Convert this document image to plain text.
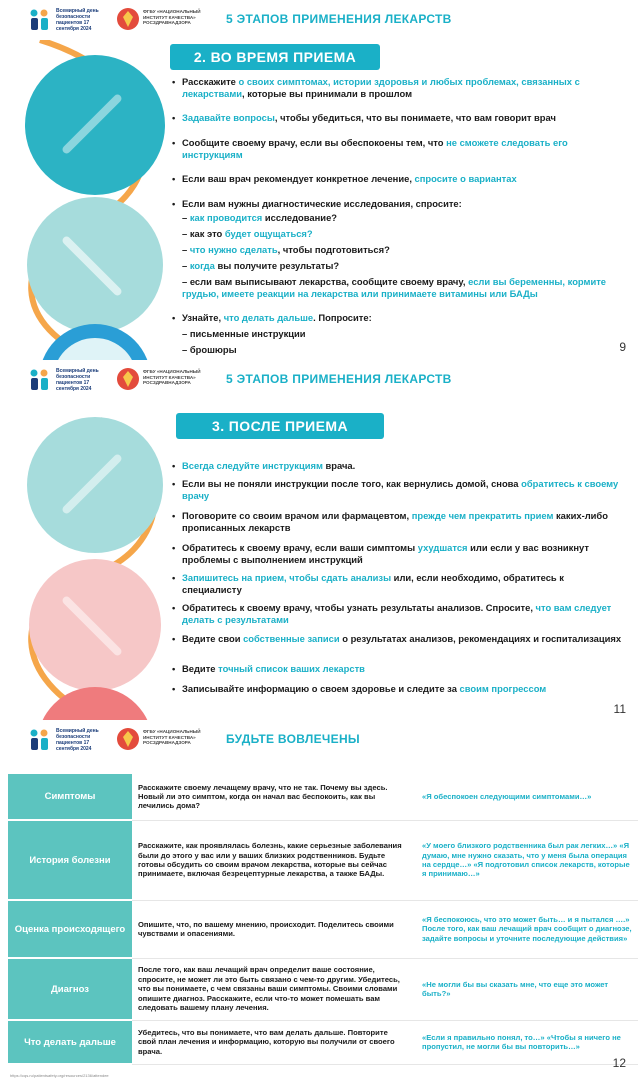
Всемирный день безопасности пациентов 17 сентября 2024
ФГБУ «НАЦИОНАЛЬНЫЙ ИНСТИТУТ КАЧЕСТВА» РОСЗДРАВНАДЗОРА	5 ЭТАПОВ ПРИМЕНЕНИЯ ЛЕКАРСТВ
2. ВО ВРЕМЯ ПРИЕМА
• Расскажите о своих симптомах, истории здоровья и любых проблемах, связанных с лекарствами, которые вы принимали в прошлом
• Задавайте вопросы, чтобы убедиться, что вы понимаете, что вам говорит врач
• Сообщите своему врачу, если вы обеспокоены тем, что не сможете следовать его инструкциям
• Если ваш врач рекомендует конкретное лечение, спросите о вариантах
• Если вам нужны диагностические исследования, спросите:
– как проводится исследование?
– как это будет ощущаться?
– что нужно сделать, чтобы подготовиться?
– когда вы получите результаты?
– если вам выписывают лекарства, сообщите своему врачу, если вы беременны, кормите грудью, имеете реакции на лекарства или принимаете витамины или БАДы
• Узнайте, что делать дальше. Попросите:
– письменные инструкции
– брошюры	9
Всемирный день безопасности пациентов 17 сентября 2024
ФГБУ «НАЦИОНАЛЬНЫЙ ИНСТИТУТ КАЧЕСТВА» РОСЗДРАВНАДЗОРА	5 ЭТАПОВ ПРИМЕНЕНИЯ ЛЕКАРСТВ
3. ПОСЛЕ ПРИЕМА
• Всегда следуйте инструкциям врача.
• Если вы не поняли инструкции после того, как вернулись домой, снова обратитесь к своему врачу
• Поговорите со своим врачом или фармацевтом, прежде чем прекратить прием каких-либо прописанных лекарств
• Обратитесь к своему врачу, если ваши симптомы ухудшатся или если у вас возникнут проблемы с выполнением инструкций
• Запишитесь на прием, чтобы сдать анализы или, если необходимо, обратитесь к специалисту
• Обратитесь к своему врачу, чтобы узнать результаты анализов. Спросите, что вам следует делать с результатами
• Ведите свои собственные записи о результатах анализов, рекомендациях и госпитализациях
• Ведите точный список ваших лекарств
• Записывайте информацию о своем здоровье и следите за своим прогрессом
11
Всемирный день безопасности пациентов 17 сентября 2024
ФГБУ «НАЦИОНАЛЬНЫЙ ИНСТИТУТ КАЧЕСТВА» РОСЗДРАВНАДЗОРА	БУДЬТЕ ВОВЛЕЧЕНЫ
Симптомы	Расскажите своему лечащему врачу, что не так. Почему вы здесь. Новый ли это симптом, когда он начал вас беспокоить, как вы лечились дома?	«Я обеспокоен следующими симптомами…»
История болезни	Расскажите, как проявлялась болезнь, какие серьезные заболевания были до этого у вас или у ваших близких родственников. Будьте готовы обсудить со своим врачом лекарства, которые вы сейчас принимаете, включая безрецептурные лекарства, а также БАДы.	«У моего близкого родственника был рак легких…» «Я думаю, мне нужно сказать, что у меня была операция на сердце…» «Я подготовил список лекарств, которые я принимаю…»
Оценка происходящего	Опишите, что, по вашему мнению, происходит. Поделитесь своими чувствами и опасениями.	«Я беспокоюсь, что это может быть… и я пытался ….» После того, как ваш лечащий врач сообщит о диагнозе, задайте вопросы и уточните последующие действия»
Диагноз	После того, как ваш лечащий врач определит ваше состояние, спросите, не может ли это быть связано с чем-то другим. Убедитесь, что вы понимаете, с чем связаны ваши симптомы. Своими словами опишите диагноз. Расскажите, если что-то может помешать вам следовать вашему плану лечения.	«Не могли бы вы сказать мне, что еще это может быть?»
Что делать дальше	Убедитесь, что вы понимаете, что вам делать дальше. Повторите свой план лечения и информацию, которую вы получили от своего врача.	«Если я правильно понял, то…» «Чтобы я ничего не пропустил, не могли бы вы повторить…»
https://cqs.ru/patientsafety.org/resources/2136/attendee
12
